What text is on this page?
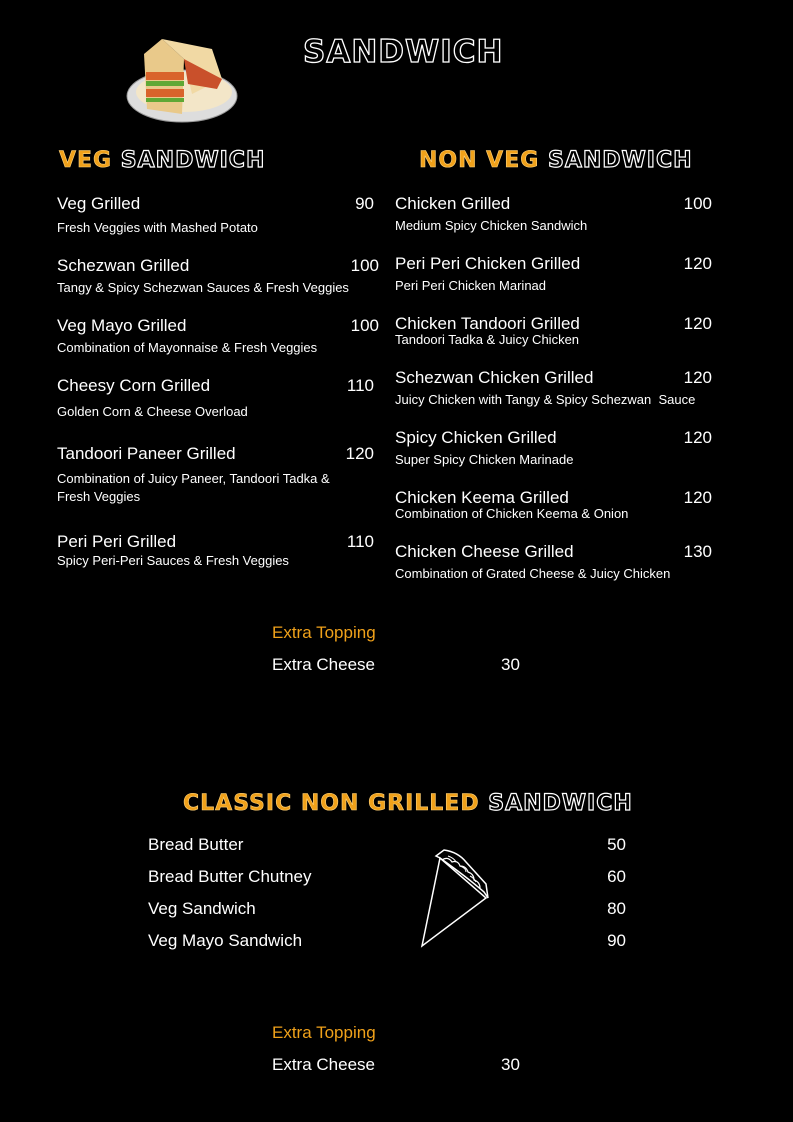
SANDWICH
VEG SANDWICH	NON VEG SANDWICH
Veg Grilled	90
Fresh Veggies with Mashed Potato
Schezwan Grilled	100
Tangy & Spicy Schezwan Sauces & Fresh Veggies
Veg Mayo Grilled	100
Combination of Mayonnaise & Fresh Veggies
Cheesy Corn Grilled	110
Golden Corn & Cheese Overload
Tandoori Paneer Grilled	120
Combination of Juicy Paneer, Tandoori Tadka & Fresh Veggies
Peri Peri Grilled	110
Spicy Peri-Peri Sauces & Fresh Veggies
Chicken Grilled	100
Medium Spicy Chicken Sandwich
Peri Peri Chicken Grilled	120
Peri Peri Chicken Marinad
Chicken Tandoori Grilled	120
Tandoori Tadka & Juicy Chicken
Schezwan Chicken Grilled	120
Juicy Chicken with Tangy & Spicy Schezwan  Sauce
Spicy Chicken Grilled	120
Super Spicy Chicken Marinade
Chicken Keema Grilled	120
Combination of Chicken Keema & Onion
Chicken Cheese Grilled	130
Combination of Grated Cheese & Juicy Chicken
Extra Topping
Extra Cheese	30
CLASSIC NON GRILLED SANDWICH
Bread Butter	50
Bread Butter Chutney	60
Veg Sandwich	80
Veg Mayo Sandwich	90
Extra Topping
Extra Cheese	30
